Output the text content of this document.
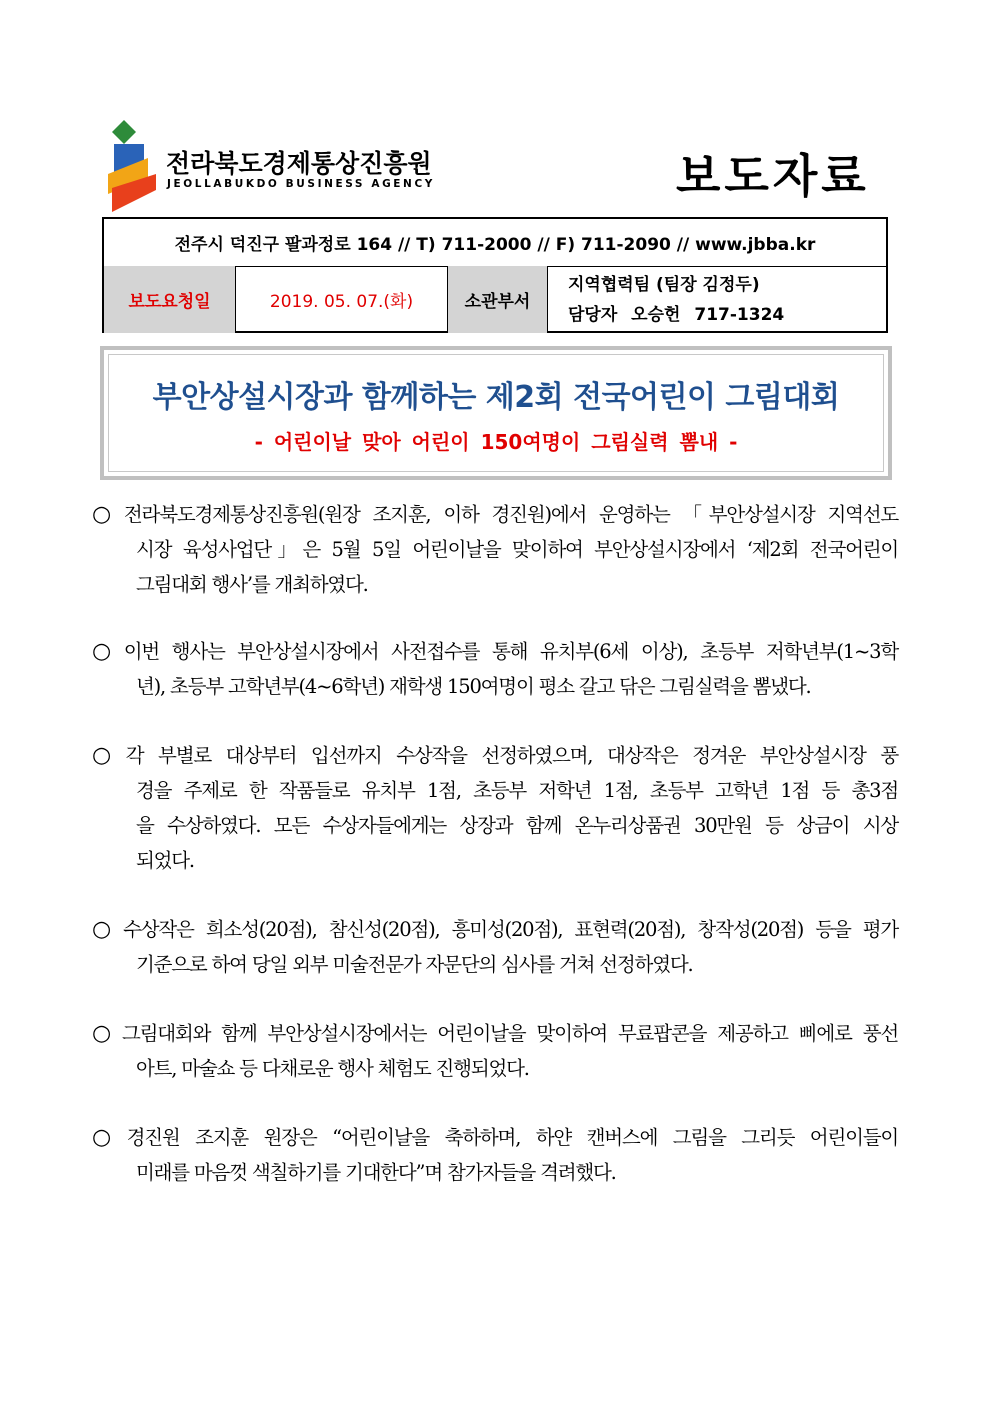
전라북도경제통상진흥원
JEOLLABUKDO BUSINESS AGENCY	보도자료
전주시 덕진구 팔과정로 164 // T) 711-2000 // F) 711-2090 // www.jbba.kr
보도요청일	2019. 05. 07.(화)	소관부서
지역협력팀 (팀장 김정두)
담당자 오승헌 717-1324
부안상설시장과 함께하는 제2회 전국어린이 그림대회
- 어린이날 맞아 어린이 150여명이 그림실력 뽐내 -
○ 전라북도경제통상진흥원(원장 조지훈, 이하 경진원)에서 운영하는 「부안상설시장 지역선도
시장 육성사업단」은 5월 5일 어린이날을 맞이하여 부안상설시장에서 ‘제2회 전국어린이
그림대회 행사’를 개최하였다.
○ 이번 행사는 부안상설시장에서 사전접수를 통해 유치부(6세 이상), 초등부 저학년부(1~3학
년), 초등부 고학년부(4~6학년) 재학생 150여명이 평소 갈고 닦은 그림실력을 뽐냈다.
○ 각 부별로 대상부터 입선까지 수상작을 선정하였으며, 대상작은 정겨운 부안상설시장 풍
경을 주제로 한 작품들로 유치부 1점, 초등부 저학년 1점, 초등부 고학년 1점 등 총3점
을 수상하였다. 모든 수상자들에게는 상장과 함께 온누리상품권 30만원 등 상금이 시상
되었다.
○ 수상작은 희소성(20점), 참신성(20점), 흥미성(20점), 표현력(20점), 창작성(20점) 등을 평가
기준으로 하여 당일 외부 미술전문가 자문단의 심사를 거쳐 선정하였다.
○ 그림대회와 함께 부안상설시장에서는 어린이날을 맞이하여 무료팝콘을 제공하고 삐에로 풍선
아트, 마술쇼 등 다채로운 행사 체험도 진행되었다.
○ 경진원 조지훈 원장은 “어린이날을 축하하며, 하얀 캔버스에 그림을 그리듯 어린이들이
미래를 마음껏 색칠하기를 기대한다”며 참가자들을 격려했다.
